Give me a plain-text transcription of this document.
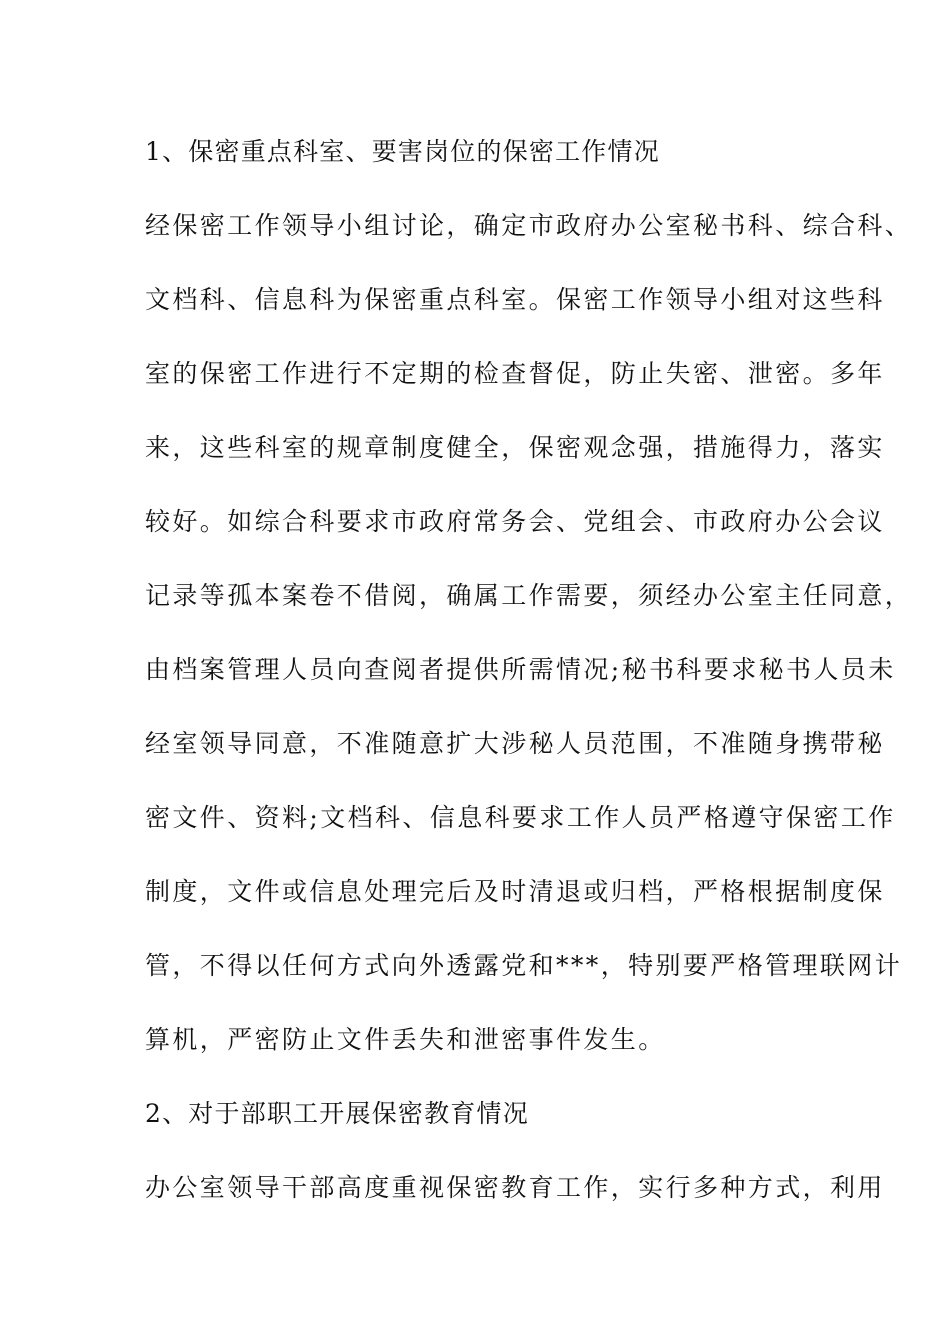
1、保密重点科室、要害岗位的保密工作情况
经保密工作领导小组讨论，确定市政府办公室秘书科、综合科、
文档科、信息科为保密重点科室。保密工作领导小组对这些科
室的保密工作进行不定期的检查督促，防止失密、泄密。多年
来，这些科室的规章制度健全，保密观念强，措施得力，落实
较好。如综合科要求市政府常务会、党组会、市政府办公会议
记录等孤本案卷不借阅，确属工作需要，须经办公室主任同意，
由档案管理人员向查阅者提供所需情况;秘书科要求秘书人员未
经室领导同意，不准随意扩大涉秘人员范围，不准随身携带秘
密文件、资料;文档科、信息科要求工作人员严格遵守保密工作
制度，文件或信息处理完后及时清退或归档，严格根据制度保
管，不得以任何方式向外透露党和***，特别要严格管理联网计
算机，严密防止文件丢失和泄密事件发生。
2、对于部职工开展保密教育情况
办公室领导干部高度重视保密教育工作，实行多种方式，利用
